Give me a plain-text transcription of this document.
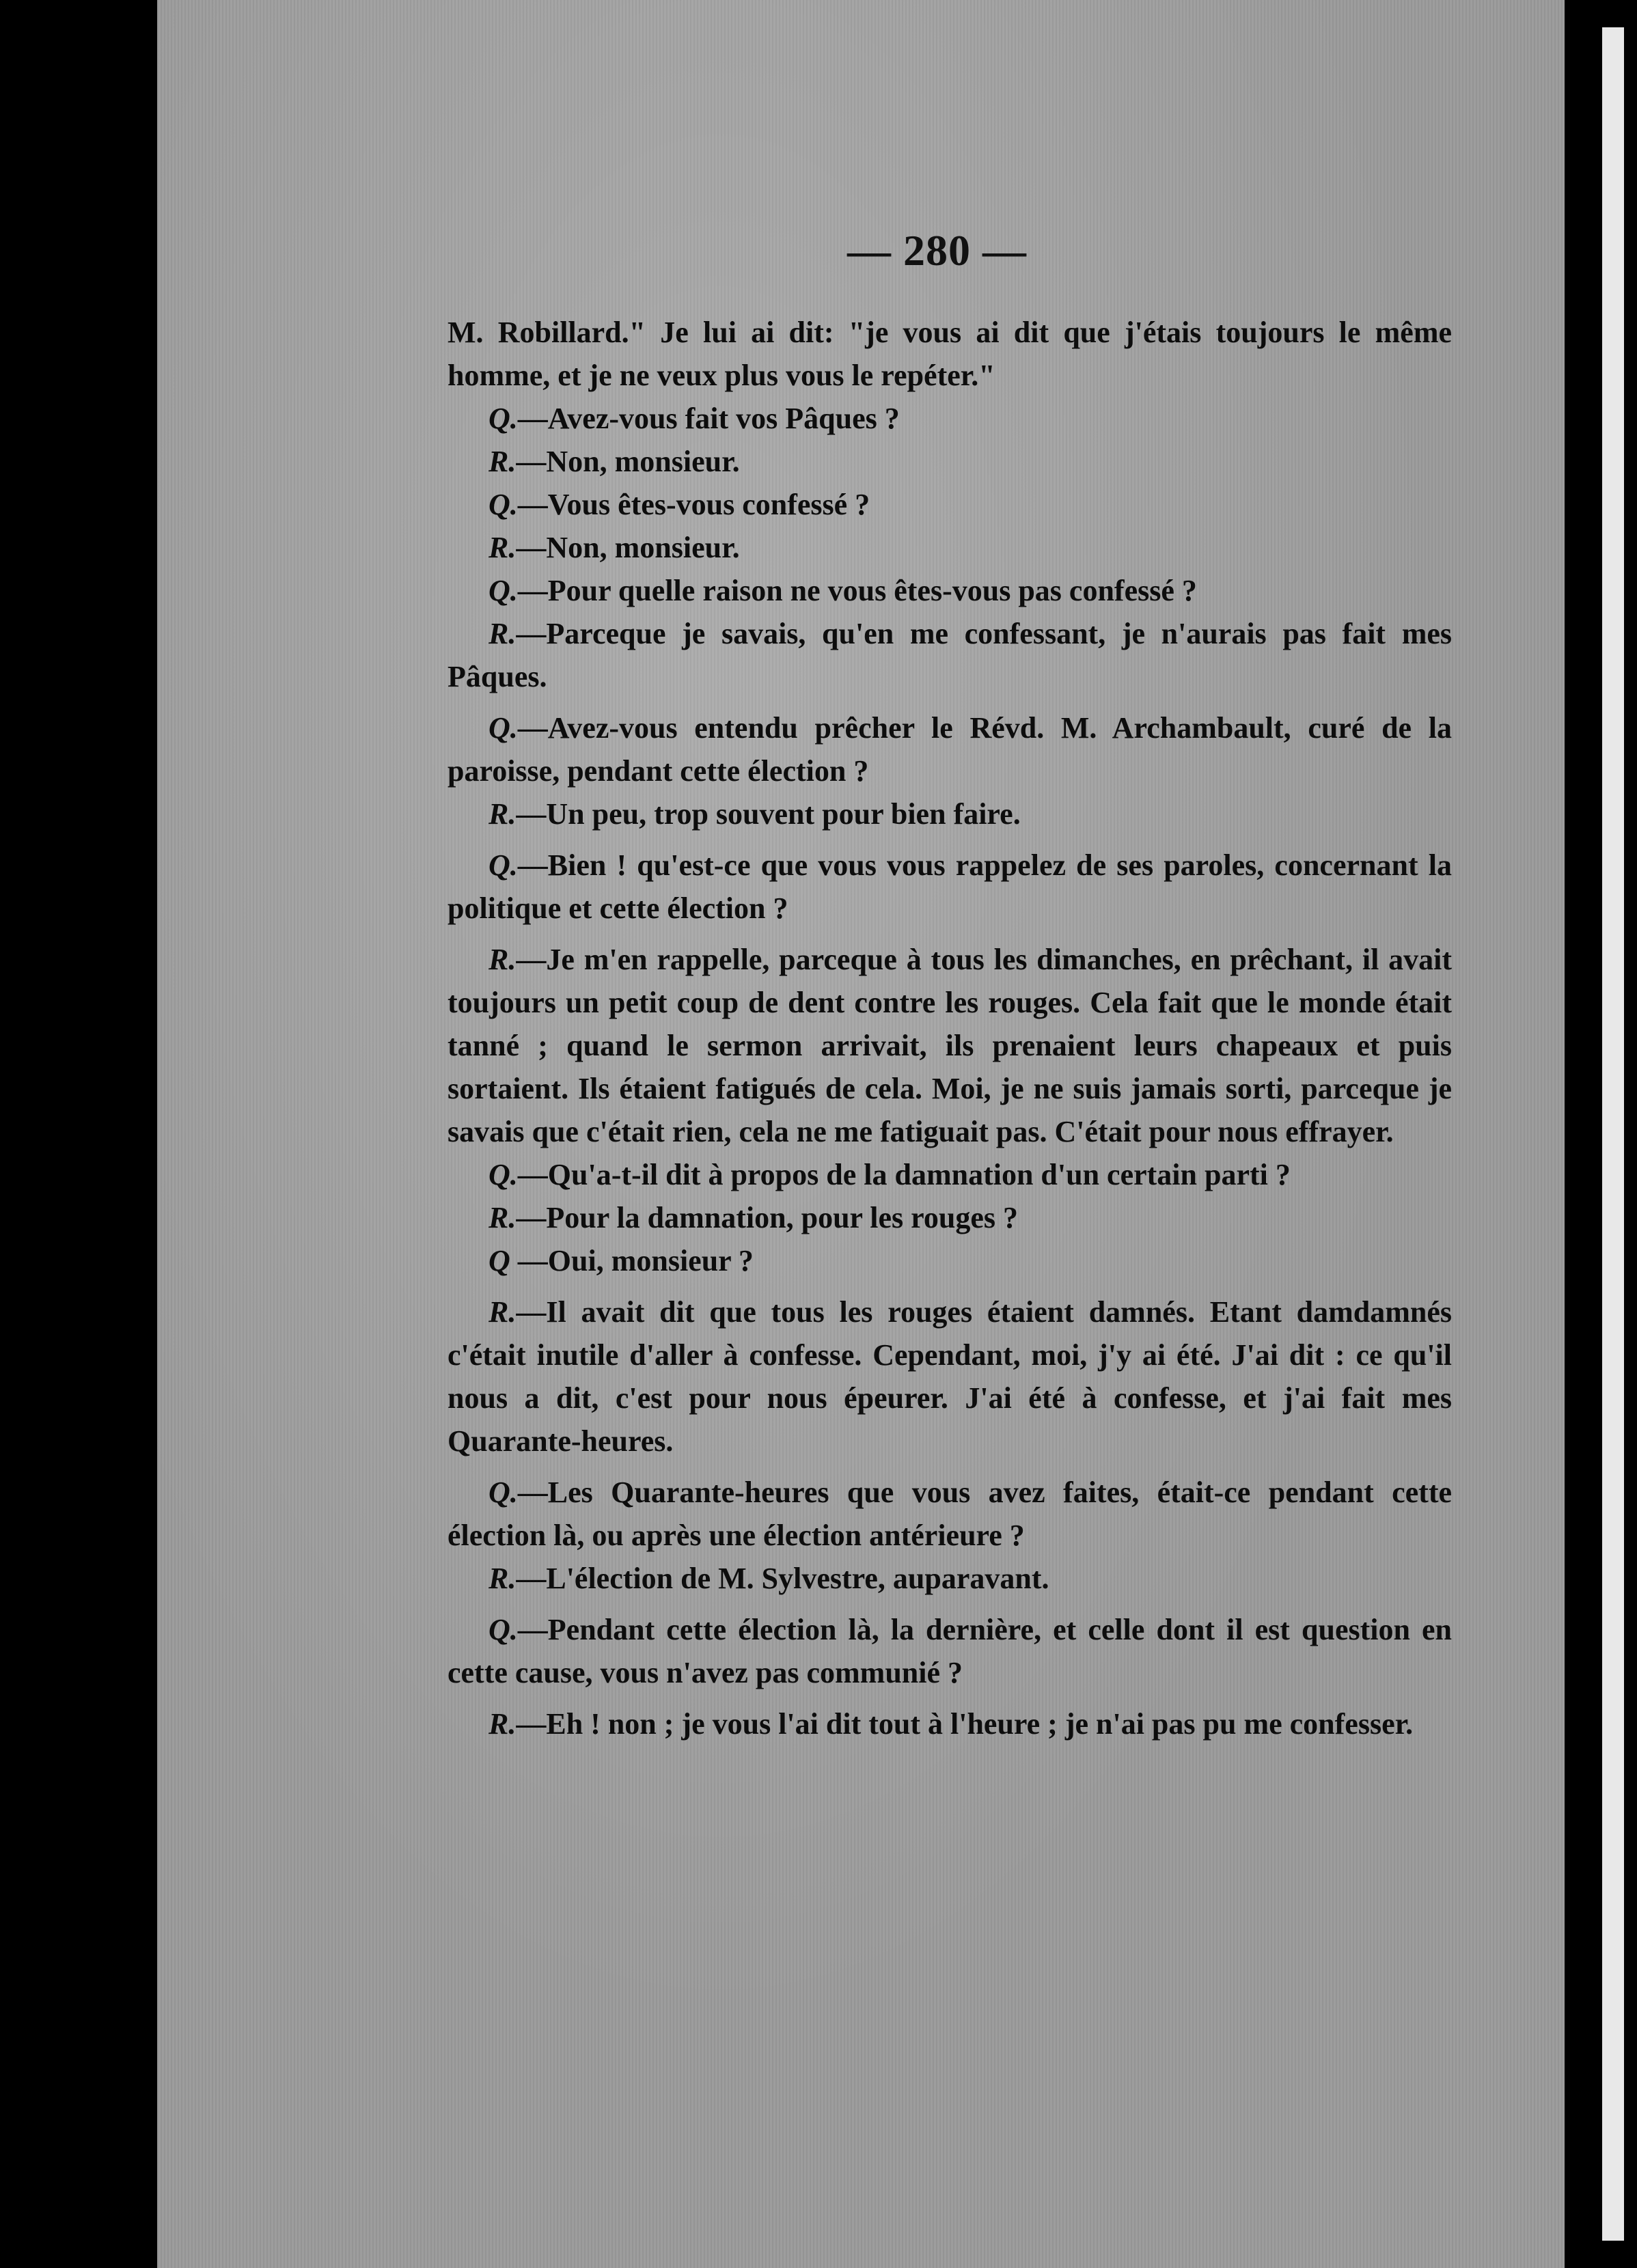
— 280 —

M. Robillard." Je lui ai dit: "je vous ai dit que j'étais toujours le même homme, et je ne veux plus vous le repéter."

Q.—Avez-vous fait vos Pâques ?

R.—Non, monsieur.

Q.—Vous êtes-vous confessé ?

R.—Non, monsieur.

Q.—Pour quelle raison ne vous êtes-vous pas confessé ?

R.—Parceque je savais, qu'en me confessant, je n'aurais pas fait mes Pâques.

Q.—Avez-vous entendu prêcher le Révd. M. Archambault, curé de la paroisse, pendant cette élection ?

R.—Un peu, trop souvent pour bien faire.

Q.—Bien ! qu'est-ce que vous vous rappelez de ses paroles, concernant la politique et cette élection ?

R.—Je m'en rappelle, parceque à tous les dimanches, en prêchant, il avait toujours un petit coup de dent contre les rouges. Cela fait que le monde était tanné ; quand le sermon arrivait, ils prenaient leurs chapeaux et puis sortaient. Ils étaient fatigués de cela. Moi, je ne suis jamais sorti, parceque je savais que c'était rien, cela ne me fatiguait pas. C'était pour nous effrayer.

Q.—Qu'a-t-il dit à propos de la damnation d'un certain parti ?

R.—Pour la damnation, pour les rouges ?

Q —Oui, monsieur ?

R.—Il avait dit que tous les rouges étaient damnés. Etant damdamnés c'était inutile d'aller à confesse. Cependant, moi, j'y ai été. J'ai dit : ce qu'il nous a dit, c'est pour nous épeurer. J'ai été à confesse, et j'ai fait mes Quarante-heures.

Q.—Les Quarante-heures que vous avez faites, était-ce pendant cette élection là, ou après une élection antérieure ?

R.—L'élection de M. Sylvestre, auparavant.

Q.—Pendant cette élection là, la dernière, et celle dont il est question en cette cause, vous n'avez pas communié ?

R.—Eh ! non ; je vous l'ai dit tout à l'heure ; je n'ai pas pu me confesser.
